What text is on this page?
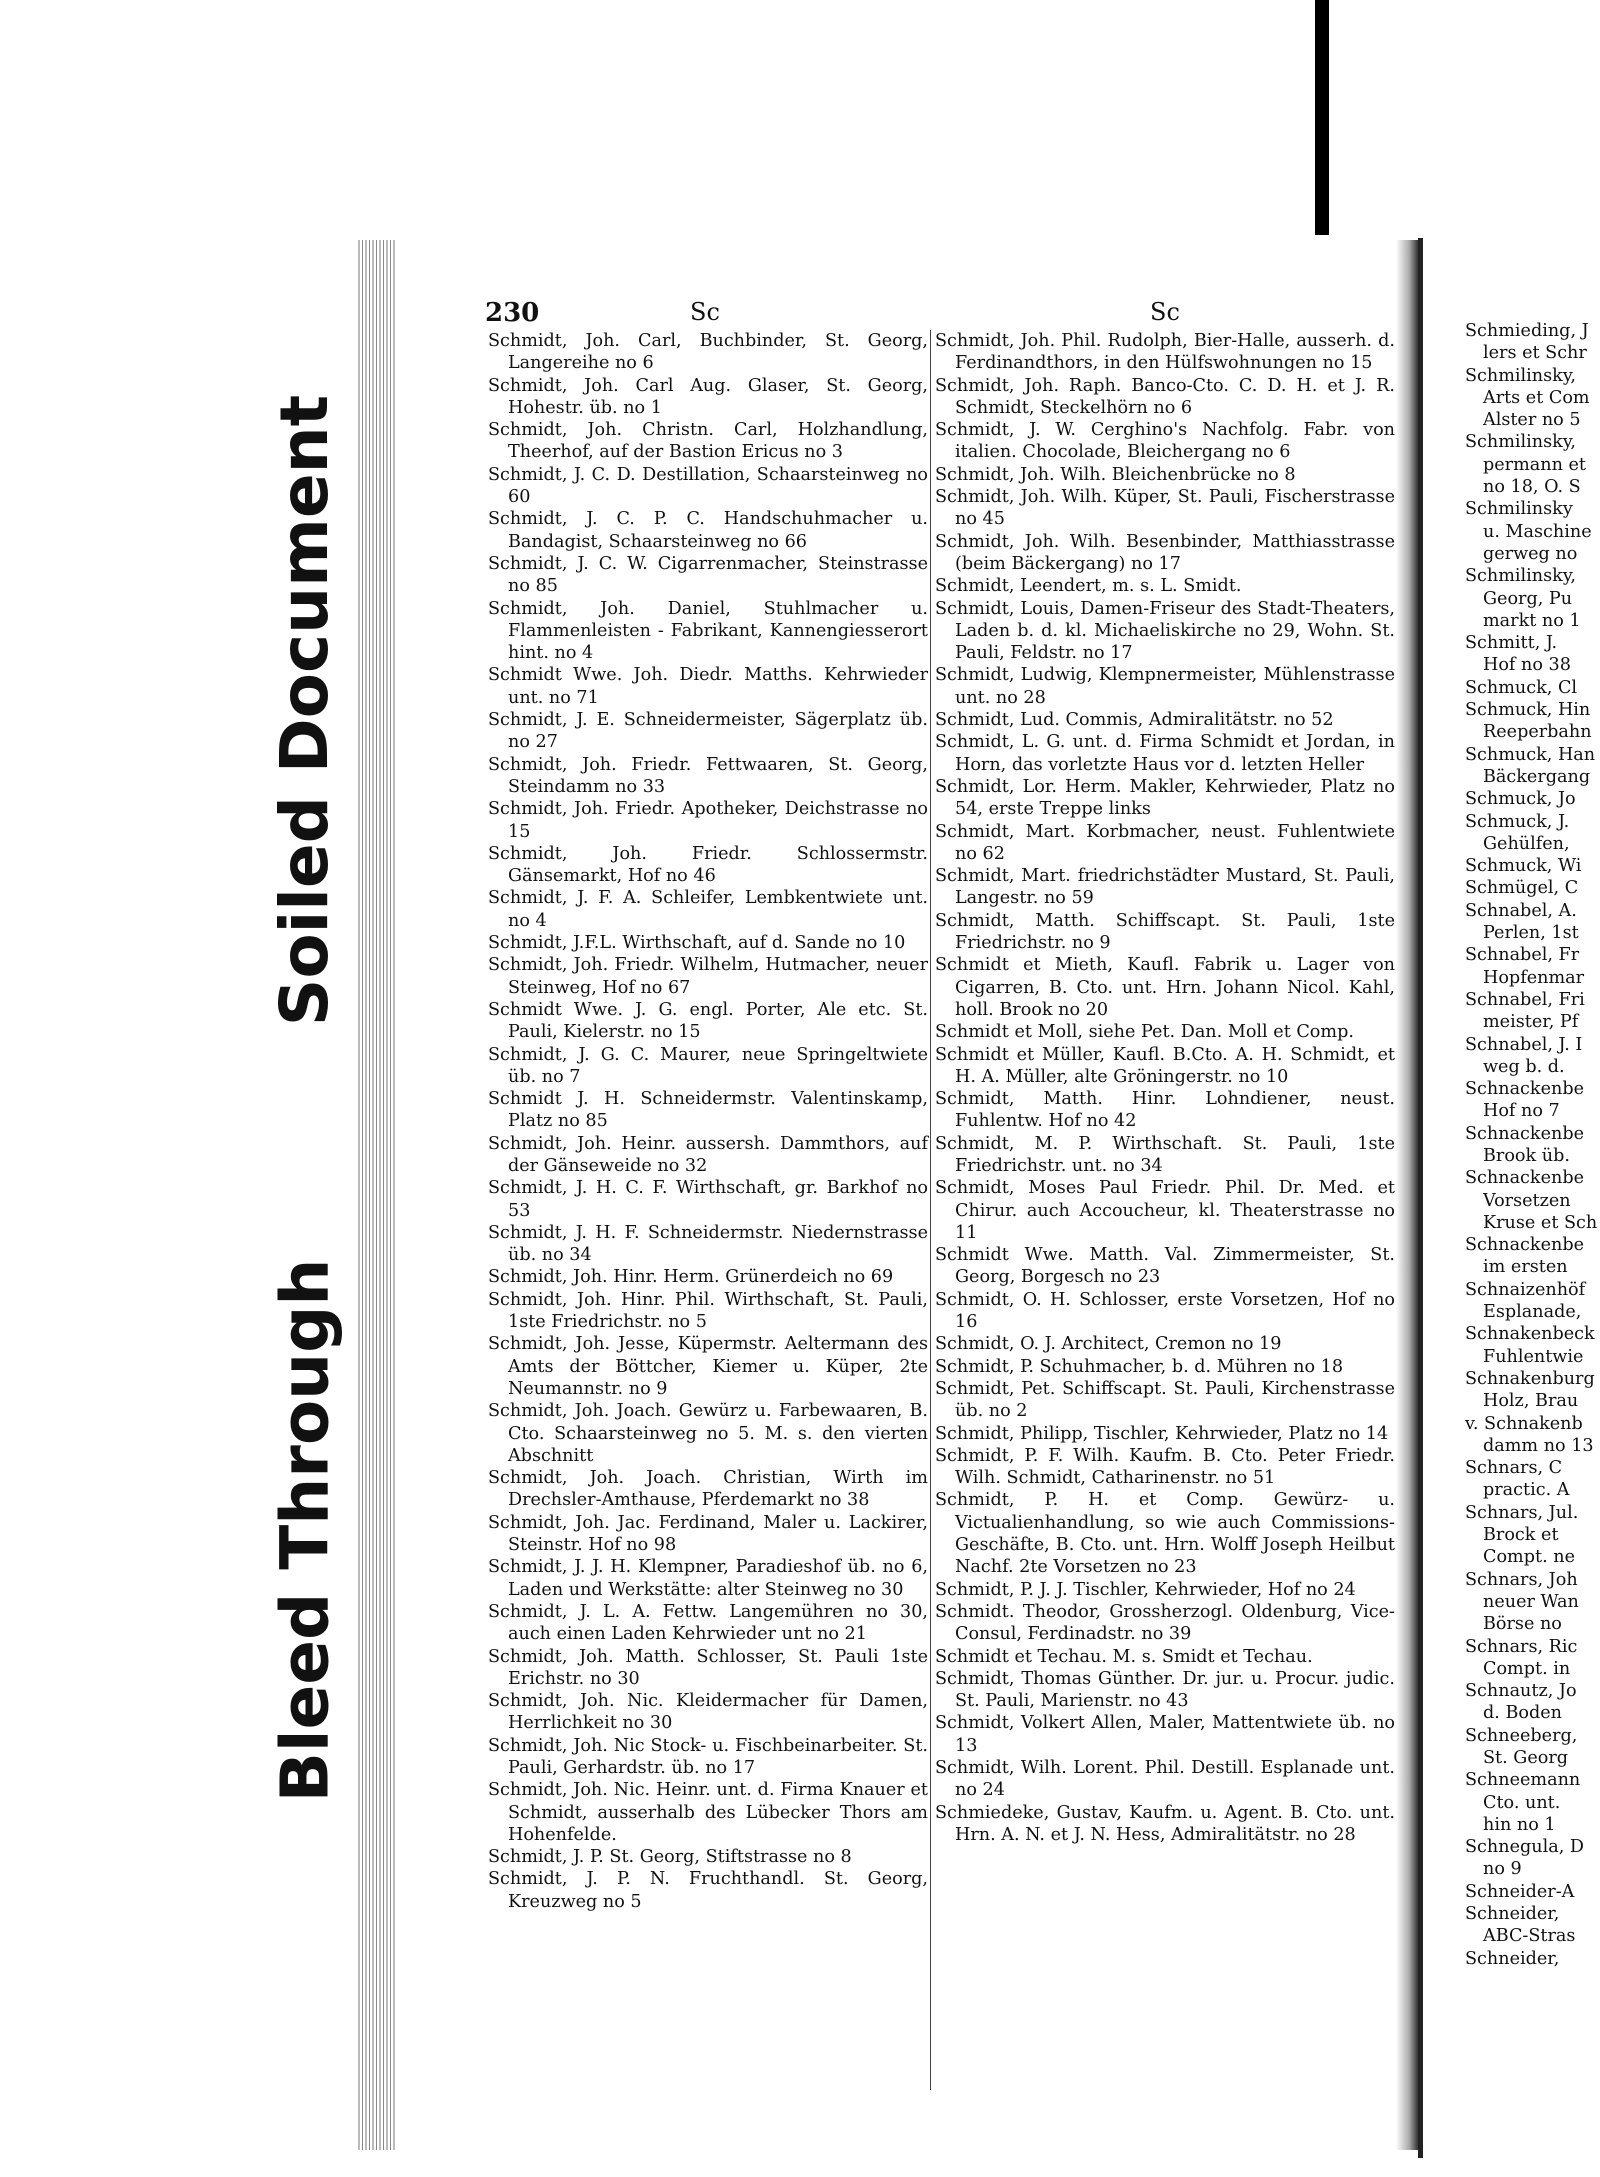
Soiled Document
Bleed Through
230	Sc	Sc

Schmidt, Joh. Carl, Buchbinder, St. Georg, Langereihe no 6

Schmidt, Joh. Carl Aug. Glaser, St. Georg, Hohestr. üb. no 1

Schmidt, Joh. Christn. Carl, Holzhandlung, Theerhof, auf der Bastion Ericus no 3

Schmidt, J. C. D. Destillation, Schaarsteinweg no 60

Schmidt, J. C. P. C. Handschuhmacher u. Bandagist, Schaarsteinweg no 66

Schmidt, J. C. W. Cigarrenmacher, Steinstrasse no 85

Schmidt, Joh. Daniel, Stuhlmacher u. Flammenleisten - Fabrikant, Kannengiesserort hint. no 4

Schmidt Wwe. Joh. Diedr. Matths. Kehrwieder unt. no 71

Schmidt, J. E. Schneidermeister, Sägerplatz üb. no 27

Schmidt, Joh. Friedr. Fettwaaren, St. Georg, Steindamm no 33

Schmidt, Joh. Friedr. Apotheker, Deichstrasse no 15

Schmidt, Joh. Friedr. Schlossermstr. Gänsemarkt, Hof no 46

Schmidt, J. F. A. Schleifer, Lembkentwiete unt. no 4

Schmidt, J.F.L. Wirthschaft, auf d. Sande no 10

Schmidt, Joh. Friedr. Wilhelm, Hutmacher, neuer Steinweg, Hof no 67

Schmidt Wwe. J. G. engl. Porter, Ale etc. St. Pauli, Kielerstr. no 15

Schmidt, J. G. C. Maurer, neue Springeltwiete üb. no 7

Schmidt J. H. Schneidermstr. Valentinskamp, Platz no 85

Schmidt, Joh. Heinr. aussersh. Dammthors, auf der Gänseweide no 32

Schmidt, J. H. C. F. Wirthschaft, gr. Barkhof no 53

Schmidt, J. H. F. Schneidermstr. Niedernstrasse üb. no 34

Schmidt, Joh. Hinr. Herm. Grünerdeich no 69

Schmidt, Joh. Hinr. Phil. Wirthschaft, St. Pauli, 1ste Friedrichstr. no 5

Schmidt, Joh. Jesse, Küpermstr. Aeltermann des Amts der Böttcher, Kiemer u. Küper, 2te Neumannstr. no 9

Schmidt, Joh. Joach. Gewürz u. Farbewaaren, B. Cto. Schaarsteinweg no 5. M. s. den vierten Abschnitt

Schmidt, Joh. Joach. Christian, Wirth im Drechsler-Amthause, Pferdemarkt no 38

Schmidt, Joh. Jac. Ferdinand, Maler u. Lackirer, Steinstr. Hof no 98

Schmidt, J. J. H. Klempner, Paradieshof üb. no 6, Laden und Werkstätte: alter Steinweg no 30

Schmidt, J. L. A. Fettw. Langemühren no 30, auch einen Laden Kehrwieder unt no 21

Schmidt, Joh. Matth. Schlosser, St. Pauli 1ste Erichstr. no 30

Schmidt, Joh. Nic. Kleidermacher für Damen, Herrlichkeit no 30

Schmidt, Joh. Nic Stock- u. Fischbeinarbeiter. St. Pauli, Gerhardstr. üb. no 17

Schmidt, Joh. Nic. Heinr. unt. d. Firma Knauer et Schmidt, ausserhalb des Lübecker Thors am Hohenfelde.

Schmidt, J. P. St. Georg, Stiftstrasse no 8

Schmidt, J. P. N. Fruchthandl. St. Georg, Kreuzweg no 5

Schmidt, Joh. Phil. Rudolph, Bier-Halle, ausserh. d. Ferdinandthors, in den Hülfswohnungen no 15

Schmidt, Joh. Raph. Banco-Cto. C. D. H. et J. R. Schmidt, Steckelhörn no 6

Schmidt, J. W. Cerghino's Nachfolg. Fabr. von italien. Chocolade, Bleichergang no 6

Schmidt, Joh. Wilh. Bleichenbrücke no 8

Schmidt, Joh. Wilh. Küper, St. Pauli, Fischerstrasse no 45

Schmidt, Joh. Wilh. Besenbinder, Matthiasstrasse (beim Bäckergang) no 17

Schmidt, Leendert, m. s. L. Smidt.

Schmidt, Louis, Damen-Friseur des Stadt-Theaters, Laden b. d. kl. Michaeliskirche no 29, Wohn. St. Pauli, Feldstr. no 17

Schmidt, Ludwig, Klempnermeister, Mühlenstrasse unt. no 28

Schmidt, Lud. Commis, Admiralitätstr. no 52

Schmidt, L. G. unt. d. Firma Schmidt et Jordan, in Horn, das vorletzte Haus vor d. letzten Heller

Schmidt, Lor. Herm. Makler, Kehrwieder, Platz no 54, erste Treppe links

Schmidt, Mart. Korbmacher, neust. Fuhlentwiete no 62

Schmidt, Mart. friedrichstädter Mustard, St. Pauli, Langestr. no 59

Schmidt, Matth. Schiffscapt. St. Pauli, 1ste Friedrichstr. no 9

Schmidt et Mieth, Kaufl. Fabrik u. Lager von Cigarren, B. Cto. unt. Hrn. Johann Nicol. Kahl, holl. Brook no 20

Schmidt et Moll, siehe Pet. Dan. Moll et Comp.

Schmidt et Müller, Kaufl. B.Cto. A. H. Schmidt, et H. A. Müller, alte Gröningerstr. no 10

Schmidt, Matth. Hinr. Lohndiener, neust. Fuhlentw. Hof no 42

Schmidt, M. P. Wirthschaft. St. Pauli, 1ste Friedrichstr. unt. no 34

Schmidt, Moses Paul Friedr. Phil. Dr. Med. et Chirur. auch Accoucheur, kl. Theaterstrasse no 11

Schmidt Wwe. Matth. Val. Zimmermeister, St. Georg, Borgesch no 23

Schmidt, O. H. Schlosser, erste Vorsetzen, Hof no 16

Schmidt, O. J. Architect, Cremon no 19

Schmidt, P. Schuhmacher, b. d. Mühren no 18

Schmidt, Pet. Schiffscapt. St. Pauli, Kirchenstrasse üb. no 2

Schmidt, Philipp, Tischler, Kehrwieder, Platz no 14

Schmidt, P. F. Wilh. Kaufm. B. Cto. Peter Friedr. Wilh. Schmidt, Catharinenstr. no 51

Schmidt, P. H. et Comp. Gewürz- u. Victualienhandlung, so wie auch Commissions-Geschäfte, B. Cto. unt. Hrn. Wolff Joseph Heilbut Nachf. 2te Vorsetzen no 23

Schmidt, P. J. J. Tischler, Kehrwieder, Hof no 24

Schmidt. Theodor, Grossherzogl. Oldenburg, Vice-Consul, Ferdinadstr. no 39

Schmidt et Techau. M. s. Smidt et Techau.

Schmidt, Thomas Günther. Dr. jur. u. Procur. judic. St. Pauli, Marienstr. no 43

Schmidt, Volkert Allen, Maler, Mattentwiete üb. no 13

Schmidt, Wilh. Lorent. Phil. Destill. Esplanade unt. no 24

Schmiedeke, Gustav, Kaufm. u. Agent. B. Cto. unt. Hrn. A. N. et J. N. Hess, Admiralitätstr. no 28

Schmieding, J
lers et Schr
Schmilinsky,
Arts et Com
Alster no 5
Schmilinsky,
permann et
no 18, O. S
Schmilinsky
u. Maschine
gerweg no
Schmilinsky,
Georg, Pu
markt no 1
Schmitt, J.
Hof no 38
Schmuck, Cl
Schmuck, Hin
Reeperbahn
Schmuck, Han
Bäckergang
Schmuck, Jo
Schmuck, J.
Gehülfen,
Schmuck, Wi
Schmügel, C
Schnabel, A.
Perlen, 1st
Schnabel, Fr
Hopfenmar
Schnabel, Fri
meister, Pf
Schnabel, J. I
weg b. d.
Schnackenbe
Hof no 7
Schnackenbe
Brook üb.
Schnackenbe
Vorsetzen
Kruse et Sch
Schnackenbe
im ersten
Schnaizenhöf
Esplanade,
Schnakenbeck
Fuhlentwie
Schnakenburg
Holz, Brau
v. Schnakenb
damm no 13
Schnars, C
practic. A
Schnars, Jul.
Brock et
Compt. ne
Schnars, Joh
neuer Wan
Börse no
Schnars, Ric
Compt. in
Schnautz, Jo
d. Boden
Schneeberg,
St. Georg
Schneemann
Cto. unt.
hin no 1
Schnegula, D
no 9
Schneider-A
Schneider,
ABC-Stras
Schneider,
